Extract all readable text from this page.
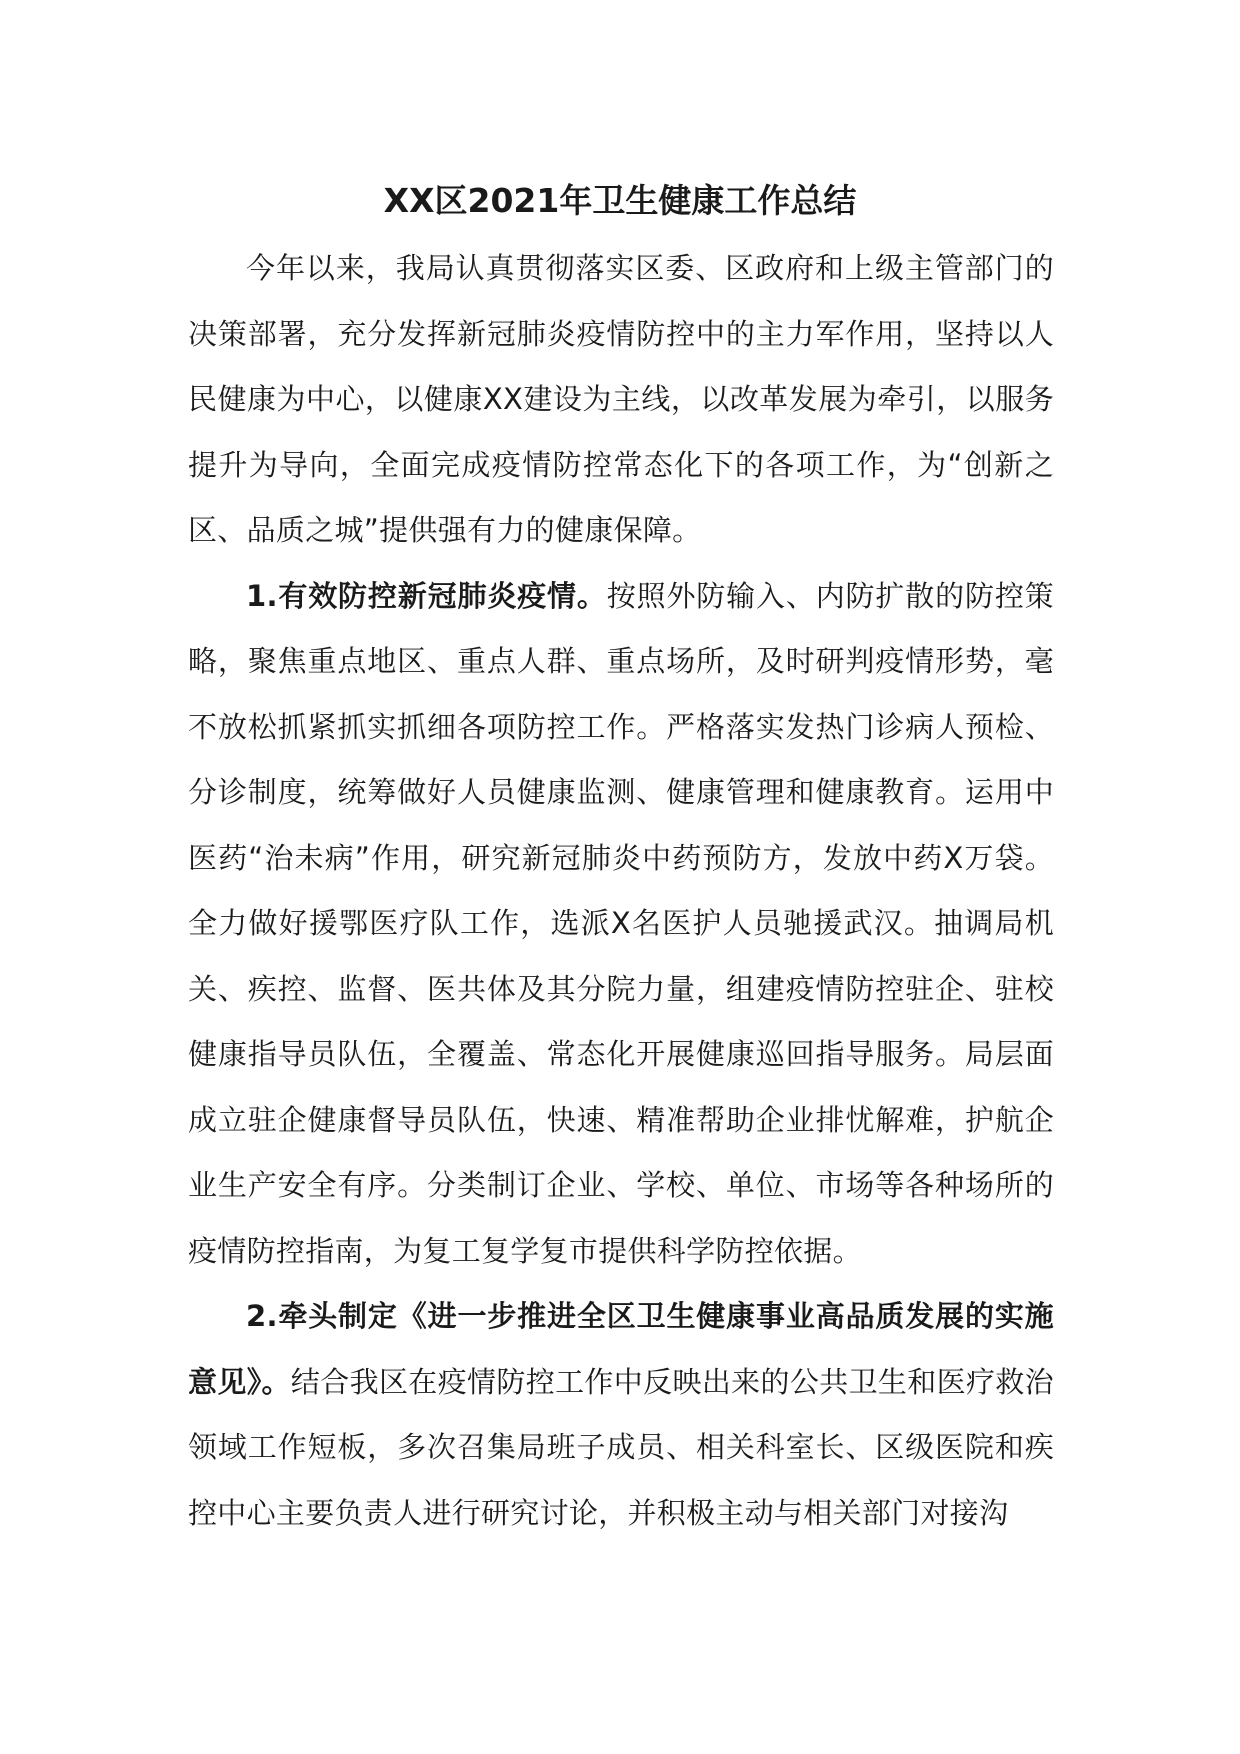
XX区2021年卫生健康工作总结

今年以来，我局认真贯彻落实区委、区政府和上级主管部门的决策部署，充分发挥新冠肺炎疫情防控中的主力军作用，坚持以人民健康为中心，以健康XX建设为主线，以改革发展为牵引，以服务提升为导向，全面完成疫情防控常态化下的各项工作，为“创新之区、品质之城”提供强有力的健康保障。

1.有效防控新冠肺炎疫情。按照外防输入、内防扩散的防控策略，聚焦重点地区、重点人群、重点场所，及时研判疫情形势，毫不放松抓紧抓实抓细各项防控工作。严格落实发热门诊病人预检、分诊制度，统筹做好人员健康监测、健康管理和健康教育。运用中医药“治未病”作用，研究新冠肺炎中药预防方，发放中药X万袋。全力做好援鄂医疗队工作，选派X名医护人员驰援武汉。抽调局机关、疾控、监督、医共体及其分院力量，组建疫情防控驻企、驻校健康指导员队伍，全覆盖、常态化开展健康巡回指导服务。局层面成立驻企健康督导员队伍，快速、精准帮助企业排忧解难，护航企业生产安全有序。分类制订企业、学校、单位、市场等各种场所的疫情防控指南，为复工复学复市提供科学防控依据。

2.牵头制定《进一步推进全区卫生健康事业高品质发展的实施意见》。结合我区在疫情防控工作中反映出来的公共卫生和医疗救治领域工作短板，多次召集局班子成员、相关科室长、区级医院和疾控中心主要负责人进行研究讨论，并积极主动与相关部门对接沟
